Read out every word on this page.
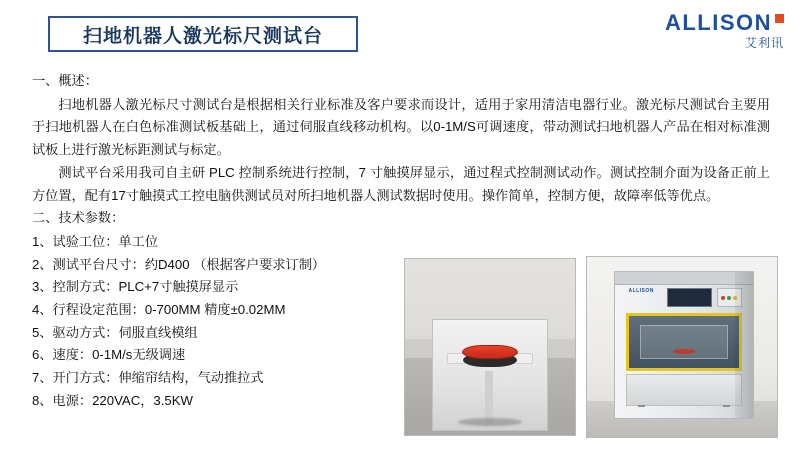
扫地机器人激光标尺测试台
ALLISON
艾利讯

一、概述：

扫地机器人激光标尺寸测试台是根据相关行业标准及客户要求而设计，适用于家用清洁电器行业。激光标尺测试台主要用于扫地机器人在白色标准测试板基础上，通过伺服直线移动机构。以0-1M/S可调速度，带动测试扫地机器人产品在相对标准测试板上进行激光标距测试与标定。

测试平台采用我司自主研 PLC 控制系统进行控制，7 寸触摸屏显示，通过程式控制测试动作。测试控制介面为设备正前上方位置，配有17寸触摸式工控电脑供测试员对所扫地机器人测试数据时使用。操作简单，控制方便，故障率低等优点。

二、技术参数：

1、试验工位：单工位
2、测试平台尺寸：约D400 （根据客户要求订制）
3、控制方式：PLC+7寸触摸屏显示
4、行程设定范围：0-700MM 精度±0.02MM
5、驱动方式：伺服直线模组
6、速度：0-1M/s无级调速
7、开门方式：伸缩帘结构，气动推拉式
8、电源：220VAC，3.5KW
ALLISON
